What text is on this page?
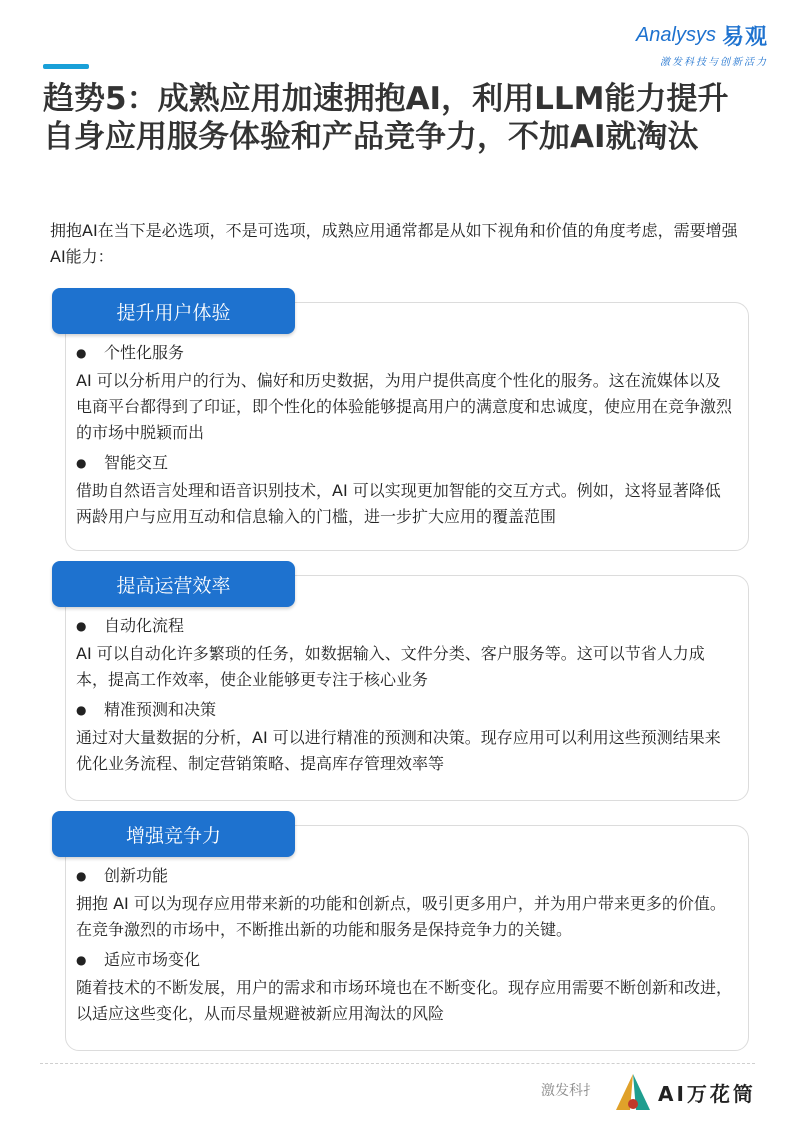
Analysys 易观
激发科技与创新活力
趋势5：成熟应用加速拥抱AI，利用LLM能力提升自身应用服务体验和产品竞争力，不加AI就淘汰

拥抱AI在当下是必选项，不是可选项，成熟应用通常都是从如下视角和价值的角度考虑，需要增强AI能力：

提升用户体验
●	个性化服务
AI 可以分析用户的行为、偏好和历史数据，为用户提供高度个性化的服务。这在流媒体以及电商平台都得到了印证，即个性化的体验能够提高用户的满意度和忠诚度，使应用在竞争激烈的市场中脱颖而出
●	智能交互
借助自然语言处理和语音识别技术，AI 可以实现更加智能的交互方式。例如，这将显著降低两龄用户与应用互动和信息输入的门槛，进一步扩大应用的覆盖范围
提高运营效率
●	自动化流程
AI 可以自动化许多繁琐的任务，如数据输入、文件分类、客户服务等。这可以节省人力成本，提高工作效率，使企业能够更专注于核心业务
●	精准预测和决策
通过对大量数据的分析，AI 可以进行精准的预测和决策。现存应用可以利用这些预测结果来优化业务流程、制定营销策略、提高库存管理效率等
增强竞争力
●	创新功能
拥抱 AI 可以为现存应用带来新的功能和创新点，吸引更多用户，并为用户带来更多的价值。在竞争激烈的市场中，不断推出新的功能和服务是保持竞争力的关键。
●	适应市场变化
随着技术的不断发展，用户的需求和市场环境也在不断变化。现存应用需要不断创新和改进，以适应这些变化，从而尽量规避被新应用淘汰的风险
激发科扌	AI万花筒
